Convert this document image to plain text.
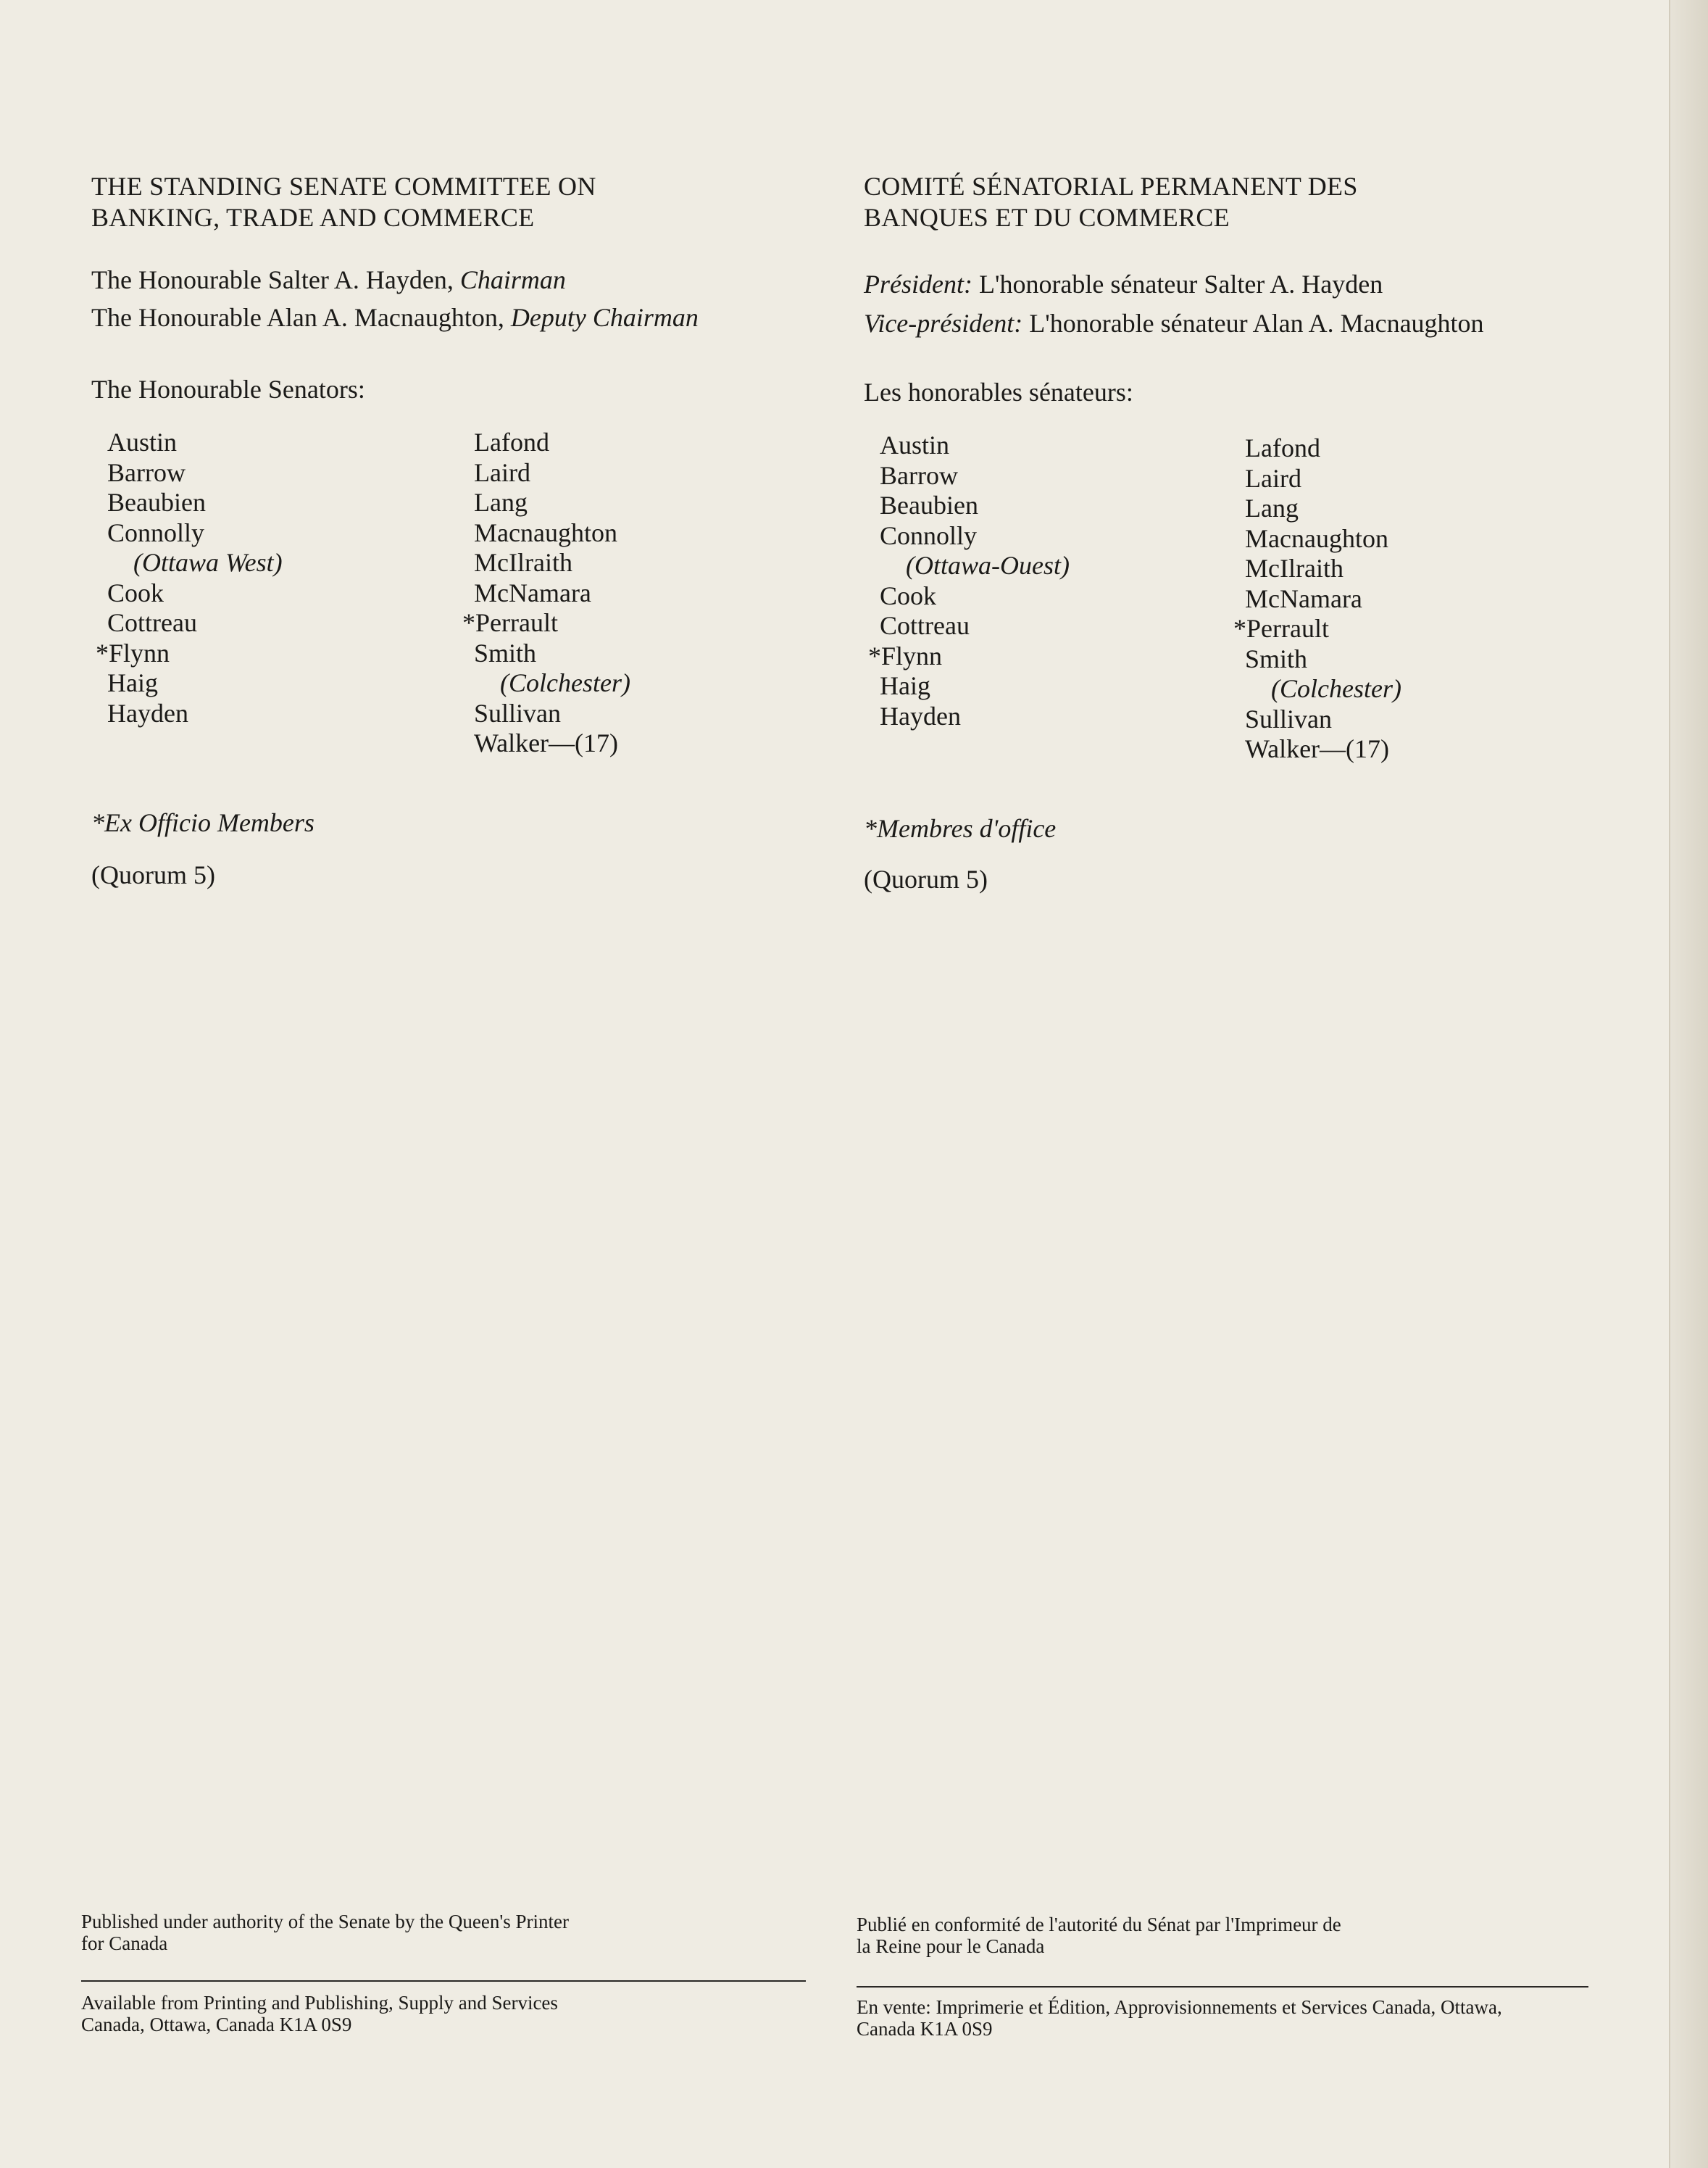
THE STANDING SENATE COMMITTEE ON
BANKING, TRADE AND COMMERCE
The Honourable Salter A. Hayden, Chairman
The Honourable Alan A. Macnaughton, Deputy Chairman
The Honourable Senators:
Austin
Barrow
Beaubien
Connolly
(Ottawa West)
Cook
Cottreau
*Flynn
Haig
Hayden
Lafond
Laird
Lang
Macnaughton
McIlraith
McNamara
*Perrault
Smith
(Colchester)
Sullivan
Walker—(17)
*Ex Officio Members
(Quorum 5)
Published under authority of the Senate by the Queen's Printer for Canada
Available from Printing and Publishing, Supply and Services Canada, Ottawa, Canada K1A 0S9
COMITÉ SÉNATORIAL PERMANENT DES
BANQUES ET DU COMMERCE
Président: L'honorable sénateur Salter A. Hayden
Vice-président: L'honorable sénateur Alan A. Macnaughton
Les honorables sénateurs:
Austin
Barrow
Beaubien
Connolly
(Ottawa-Ouest)
Cook
Cottreau
*Flynn
Haig
Hayden
Lafond
Laird
Lang
Macnaughton
McIlraith
McNamara
*Perrault
Smith
(Colchester)
Sullivan
Walker—(17)
*Membres d'office
(Quorum 5)
Publié en conformité de l'autorité du Sénat par l'Imprimeur de la Reine pour le Canada
En vente: Imprimerie et Édition, Approvisionnements et Services Canada, Ottawa, Canada K1A 0S9
